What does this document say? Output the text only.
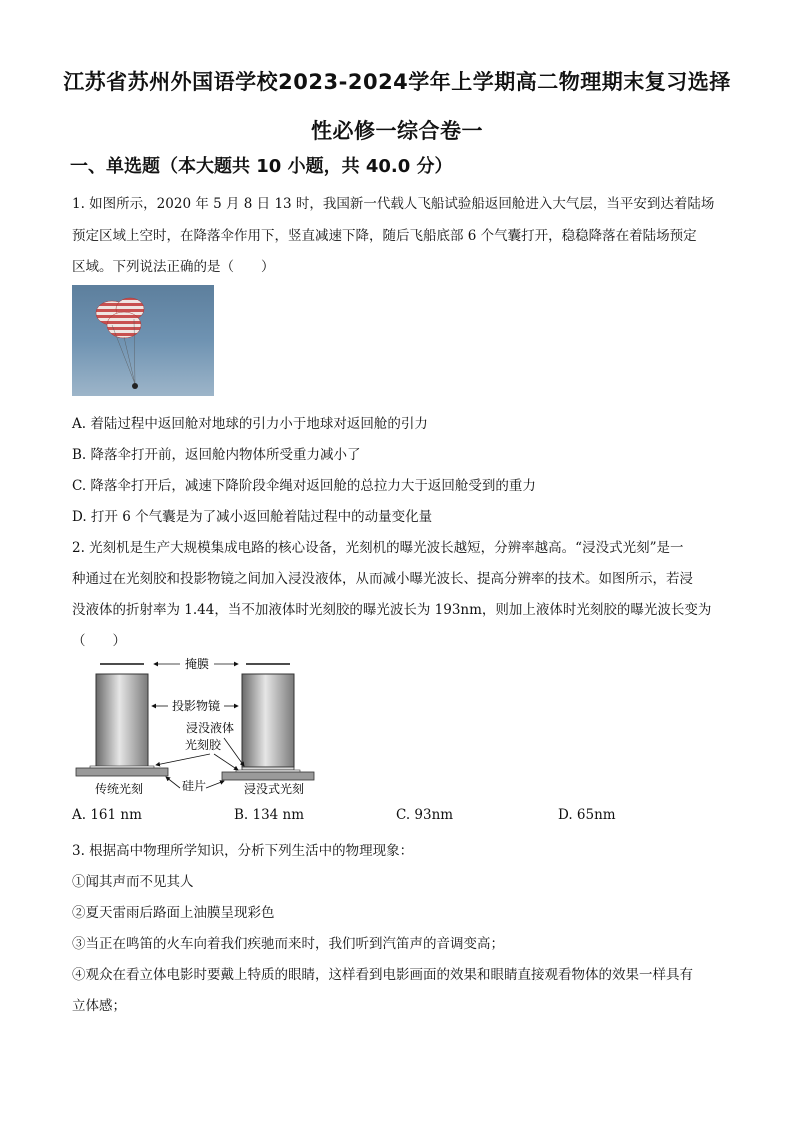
江苏省苏州外国语学校2023-2024学年上学期高二物理期末复习选择
性必修一综合卷一
一、单选题（本大题共 10 小题，共 40.0 分）
1. 如图所示，2020 年 5 月 8 日 13 时，我国新一代载人飞船试验船返回舱进入大气层，当平安到达着陆场
预定区域上空时，在降落伞作用下，竖直减速下降，随后飞船底部 6 个气囊打开，稳稳降落在着陆场预定
区域。下列说法正确的是（　　）
A. 着陆过程中返回舱对地球的引力小于地球对返回舱的引力
B. 降落伞打开前，返回舱内物体所受重力减小了
C. 降落伞打开后，减速下降阶段伞绳对返回舱的总拉力大于返回舱受到的重力
D. 打开 6 个气囊是为了减小返回舱着陆过程中的动量变化量
2. 光刻机是生产大规模集成电路的核心设备，光刻机的曝光波长越短，分辨率越高。“浸没式光刻”是一
种通过在光刻胶和投影物镜之间加入浸没液体，从而减小曝光波长、提高分辨率的技术。如图所示，若浸
没液体的折射率为 1.44，当不加液体时光刻胶的曝光波长为 193nm，则加上液体时光刻胶的曝光波长变为
（　　）
掩膜
投影物镜
浸没液体
光刻胶
硅片
传统光刻	浸没式光刻
A. 161 nm	B. 134 nm	C. 93nm	D. 65nm
3. 根据高中物理所学知识，分析下列生活中的物理现象：
①闻其声而不见其人
②夏天雷雨后路面上油膜呈现彩色
③当正在鸣笛的火车向着我们疾驰而来时，我们听到汽笛声的音调变高；
④观众在看立体电影时要戴上特质的眼睛，这样看到电影画面的效果和眼睛直接观看物体的效果一样具有
立体感；
